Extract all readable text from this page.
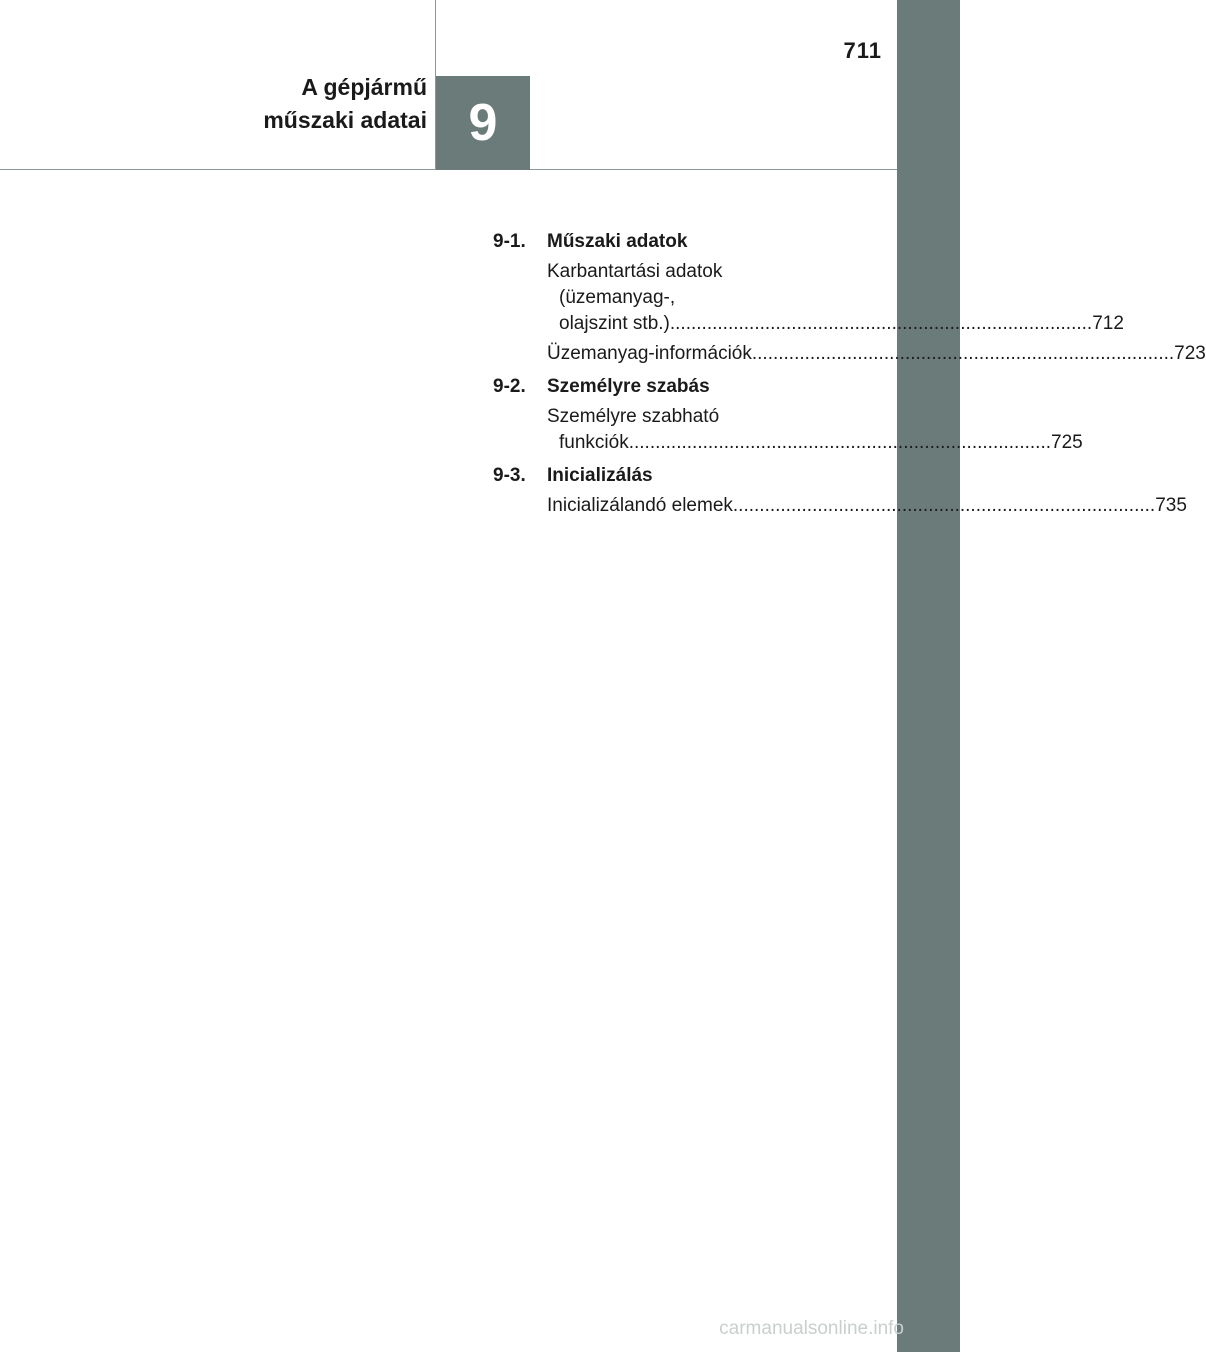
A gépjármű
műszaki adatai 9
711
9-1.	Műszaki adatok
Karbantartási adatok
(üzemanyag-,
olajszint stb.) ................................................................................ 712
Üzemanyag-információk ................................................................................ 723
9-2.	Személyre szabás
Személyre szabható
funkciók ................................................................................ 725
9-3.	Inicializálás
Inicializálandó elemek ................................................................................ 735
carmanualsonline.info
